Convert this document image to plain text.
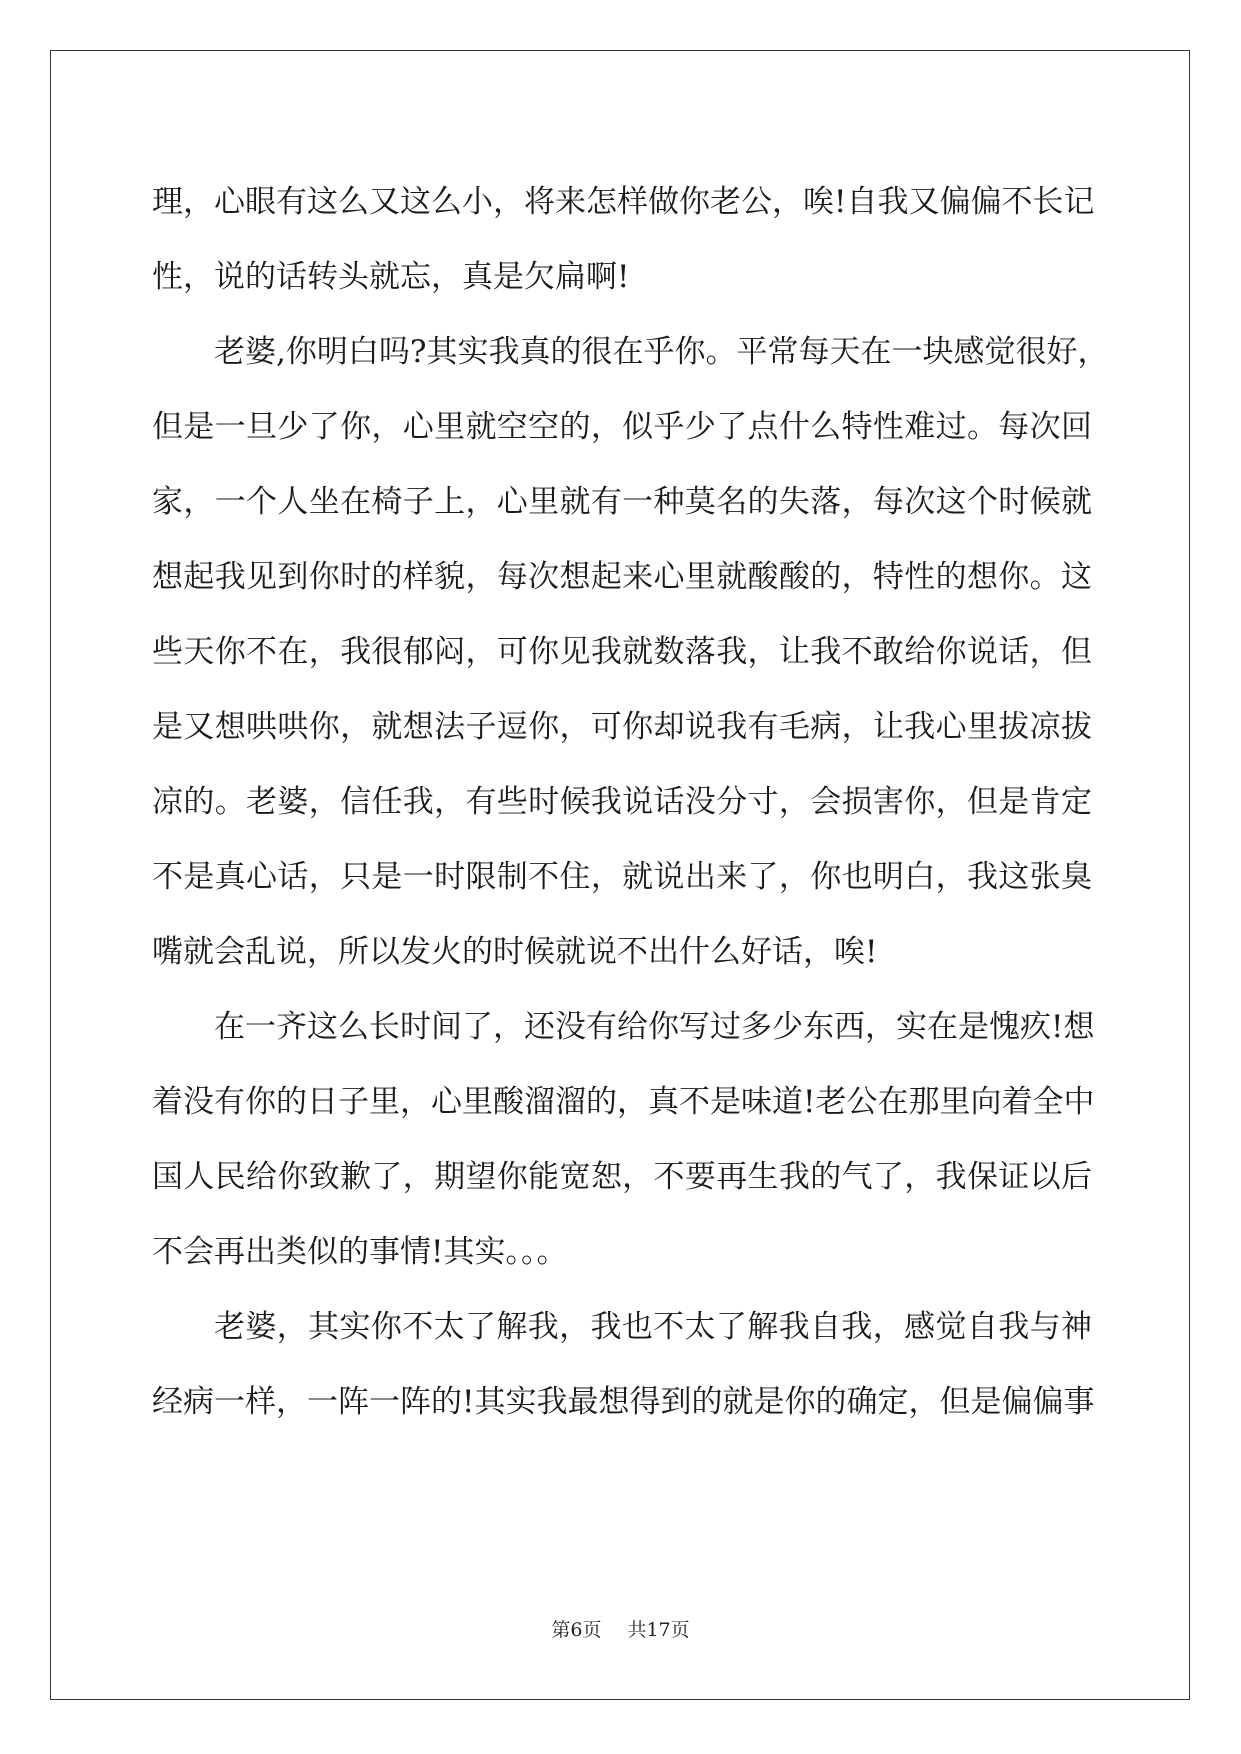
理，心眼有这么又这么小，将来怎样做你老公，唉!自我又偏偏不长记
性，说的话转头就忘，真是欠扁啊!
老婆,你明白吗?其实我真的很在乎你。平常每天在一块感觉很好，
但是一旦少了你，心里就空空的，似乎少了点什么特性难过。每次回
家，一个人坐在椅子上，心里就有一种莫名的失落，每次这个时候就
想起我见到你时的样貌，每次想起来心里就酸酸的，特性的想你。这
些天你不在，我很郁闷，可你见我就数落我，让我不敢给你说话，但
是又想哄哄你，就想法子逗你，可你却说我有毛病，让我心里拔凉拔
凉的。老婆，信任我，有些时候我说话没分寸，会损害你，但是肯定
不是真心话，只是一时限制不住，就说出来了，你也明白，我这张臭
嘴就会乱说，所以发火的时候就说不出什么好话，唉!
在一齐这么长时间了，还没有给你写过多少东西，实在是愧疚!想
着没有你的日子里，心里酸溜溜的，真不是味道!老公在那里向着全中
国人民给你致歉了，期望你能宽恕，不要再生我的气了，我保证以后
不会再出类似的事情!其实。。。
老婆，其实你不太了解我，我也不太了解我自我，感觉自我与神
经病一样，一阵一阵的!其实我最想得到的就是你的确定，但是偏偏事
第6页 共17页
